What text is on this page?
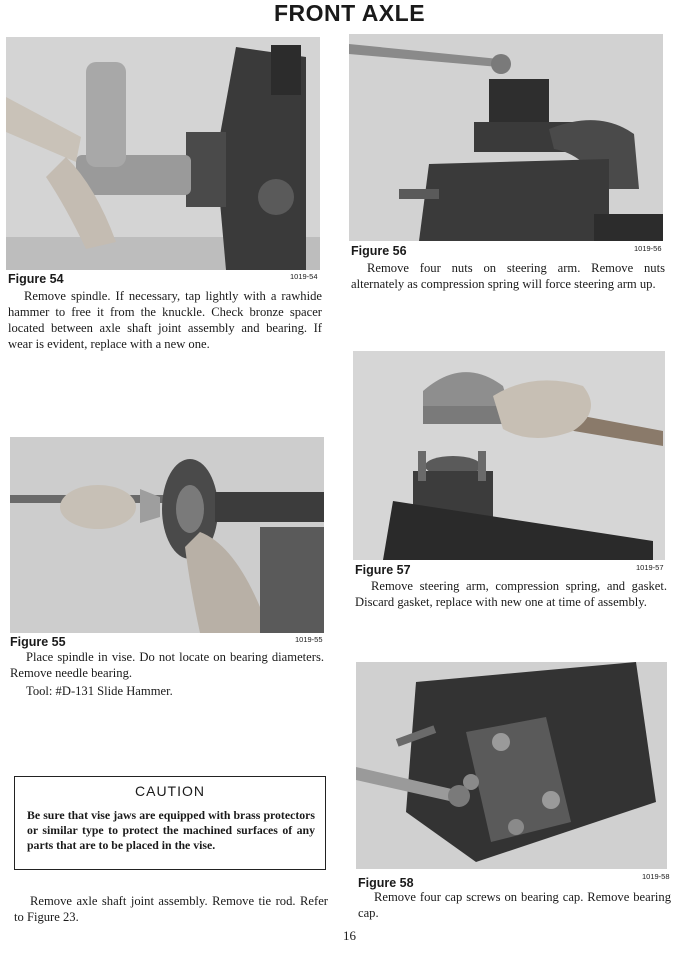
FRONT AXLE
Figure 54	1019-54

Remove spindle. If necessary, tap lightly with a rawhide hammer to free it from the knuckle. Check bronze spacer located between axle shaft joint assembly and bearing. If wear is evident, replace with a new one.

Figure 55	1019-55

Place spindle in vise. Do not locate on bearing diameters. Remove needle bearing.

Tool: #D-131 Slide Hammer.

CAUTION

Be sure that vise jaws are equipped with brass protectors or similar type to protect the machined surfaces of any parts that are to be placed in the vise.

Remove axle shaft joint assembly. Remove tie rod. Refer to Figure 23.

Figure 56	1019-56

Remove four nuts on steering arm. Remove nuts alternately as compression spring will force steering arm up.

Figure 57	1019-57

Remove steering arm, compression spring, and gasket. Discard gasket, replace with new one at time of assembly.

Figure 58	1019-58

Remove four cap screws on bearing cap. Remove bearing cap.

16
